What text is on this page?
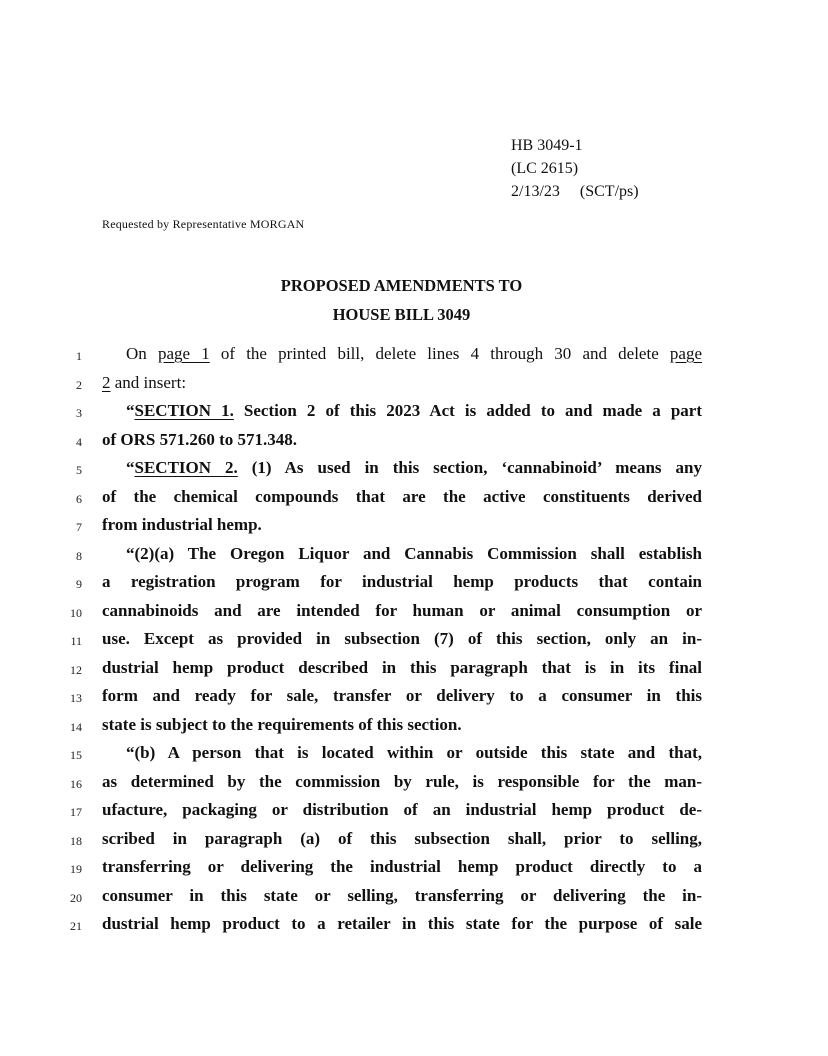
HB 3049-1
(LC 2615)
2/13/23 (SCT/ps)
Requested by Representative MORGAN
PROPOSED AMENDMENTS TO
HOUSE BILL 3049
1	On page 1 of the printed bill, delete lines 4 through 30 and delete page
2 2 and insert:
3	“SECTION 1. Section 2 of this 2023 Act is added to and made a part
4 of ORS 571.260 to 571.348.
5	“SECTION 2. (1) As used in this section, ‘cannabinoid’ means any
6 of the chemical compounds that are the active constituents derived
7 from industrial hemp.
8	“(2)(a) The Oregon Liquor and Cannabis Commission shall establish
9 a registration program for industrial hemp products that contain
10 cannabinoids and are intended for human or animal consumption or
11 use. Except as provided in subsection (7) of this section, only an in-
12 dustrial hemp product described in this paragraph that is in its final
13 form and ready for sale, transfer or delivery to a consumer in this
14 state is subject to the requirements of this section.
15	“(b) A person that is located within or outside this state and that,
16 as determined by the commission by rule, is responsible for the man-
17 ufacture, packaging or distribution of an industrial hemp product de-
18 scribed in paragraph (a) of this subsection shall, prior to selling,
19 transferring or delivering the industrial hemp product directly to a
20 consumer in this state or selling, transferring or delivering the in-
21 dustrial hemp product to a retailer in this state for the purpose of sale
